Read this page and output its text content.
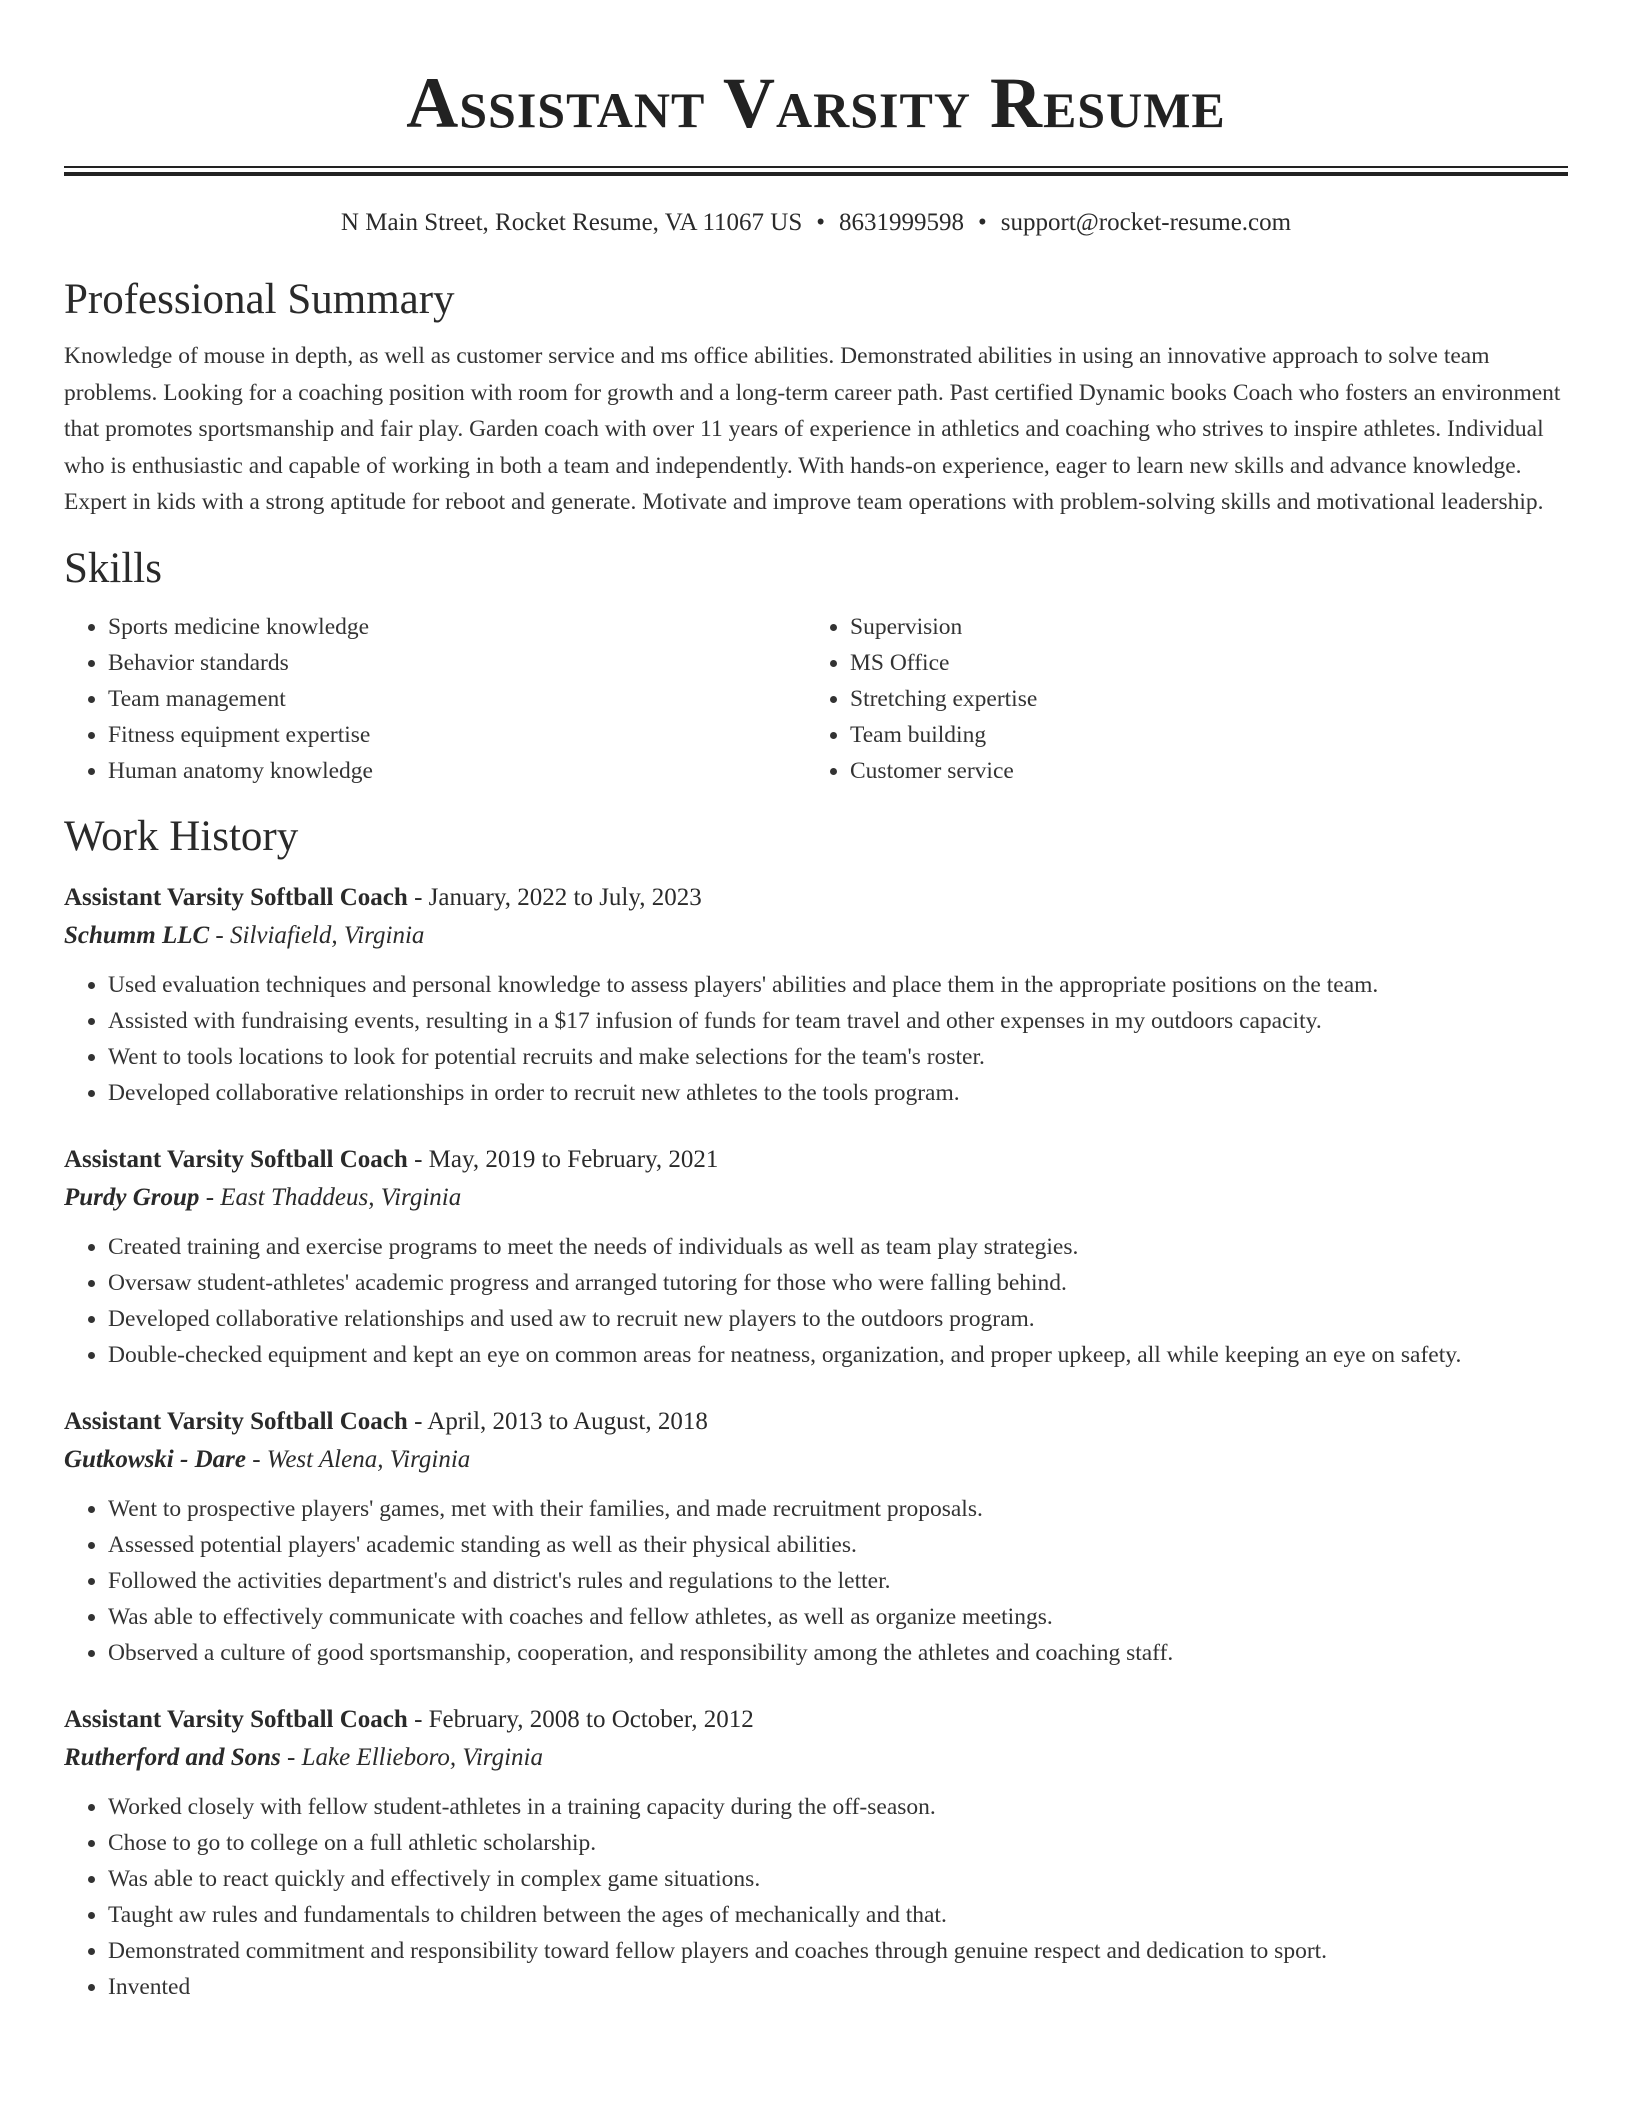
Assistant Varsity Resume
N Main Street, Rocket Resume, VA 11067 US • 8631999598 • support@rocket-resume.com
Professional Summary
Knowledge of mouse in depth, as well as customer service and ms office abilities. Demonstrated abilities in using an innovative approach to solve team problems. Looking for a coaching position with room for growth and a long-term career path. Past certified Dynamic books Coach who fosters an environment that promotes sportsmanship and fair play. Garden coach with over 11 years of experience in athletics and coaching who strives to inspire athletes. Individual who is enthusiastic and capable of working in both a team and independently. With hands-on experience, eager to learn new skills and advance knowledge. Expert in kids with a strong aptitude for reboot and generate. Motivate and improve team operations with problem-solving skills and motivational leadership.
Skills
• Sports medicine knowledge
• Behavior standards
• Team management
• Fitness equipment expertise
• Human anatomy knowledge
• Supervision
• MS Office
• Stretching expertise
• Team building
• Customer service
Work History
Assistant Varsity Softball Coach - January, 2022 to July, 2023
Schumm LLC - Silviafield, Virginia
• Used evaluation techniques and personal knowledge to assess players' abilities and place them in the appropriate positions on the team.
• Assisted with fundraising events, resulting in a $17 infusion of funds for team travel and other expenses in my outdoors capacity.
• Went to tools locations to look for potential recruits and make selections for the team's roster.
• Developed collaborative relationships in order to recruit new athletes to the tools program.
Assistant Varsity Softball Coach - May, 2019 to February, 2021
Purdy Group - East Thaddeus, Virginia
• Created training and exercise programs to meet the needs of individuals as well as team play strategies.
• Oversaw student-athletes' academic progress and arranged tutoring for those who were falling behind.
• Developed collaborative relationships and used aw to recruit new players to the outdoors program.
• Double-checked equipment and kept an eye on common areas for neatness, organization, and proper upkeep, all while keeping an eye on safety.
Assistant Varsity Softball Coach - April, 2013 to August, 2018
Gutkowski - Dare - West Alena, Virginia
• Went to prospective players' games, met with their families, and made recruitment proposals.
• Assessed potential players' academic standing as well as their physical abilities.
• Followed the activities department's and district's rules and regulations to the letter.
• Was able to effectively communicate with coaches and fellow athletes, as well as organize meetings.
• Observed a culture of good sportsmanship, cooperation, and responsibility among the athletes and coaching staff.
Assistant Varsity Softball Coach - February, 2008 to October, 2012
Rutherford and Sons - Lake Ellieboro, Virginia
• Worked closely with fellow student-athletes in a training capacity during the off-season.
• Chose to go to college on a full athletic scholarship.
• Was able to react quickly and effectively in complex game situations.
• Taught aw rules and fundamentals to children between the ages of mechanically and that.
• Demonstrated commitment and responsibility toward fellow players and coaches through genuine respect and dedication to sport.
• Invented
